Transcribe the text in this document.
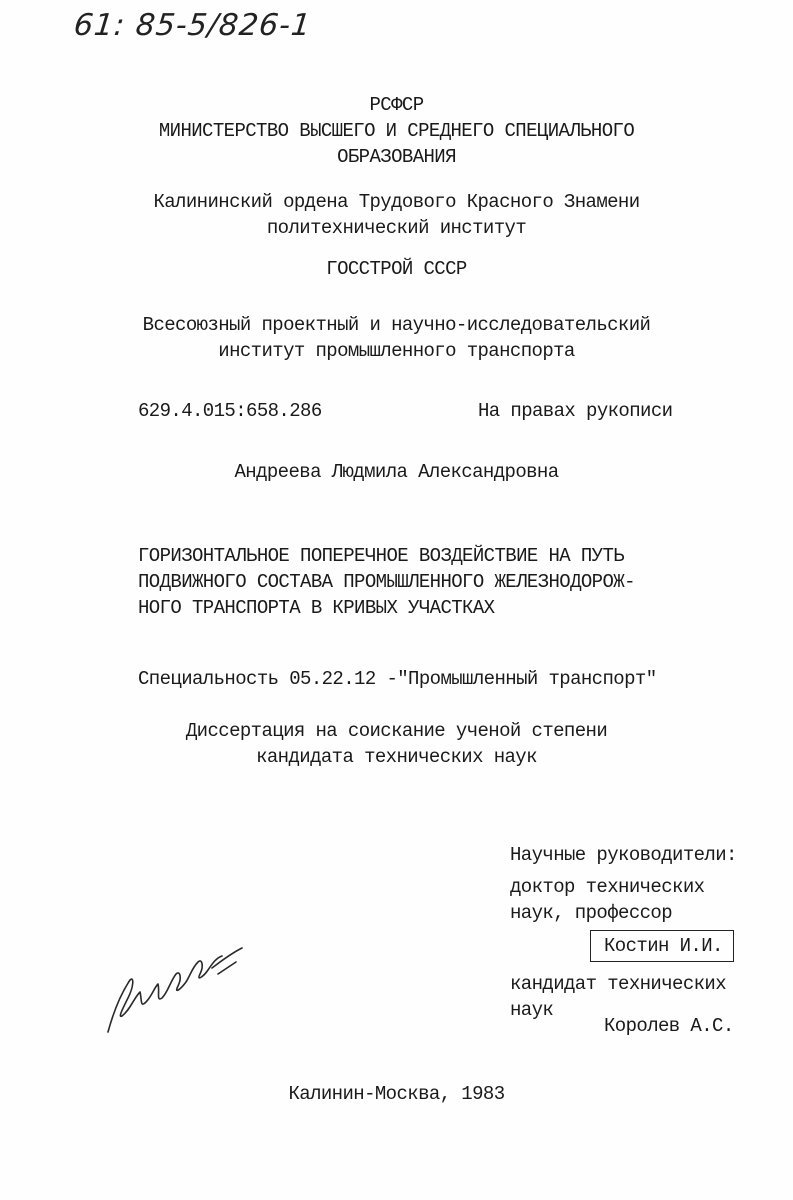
61: 85-5/826-1

РСФСР

МИНИСТЕРСТВО ВЫСШЕГО И СРЕДНЕГО СПЕЦИАЛЬНОГО

ОБРАЗОВАНИЯ

Калининский ордена Трудового Красного Знамени

политехнический институт

ГОССТРОЙ СССР

Всесоюзный проектный и научно-исследовательский

институт промышленного транспорта

629.4.015:658.286	На правах рукописи

Андреева Людмила Александровна

ГОРИЗОНТАЛЬНОЕ ПОПЕРЕЧНОЕ ВОЗДЕЙСТВИЕ НА ПУТЬ

ПОДВИЖНОГО СОСТАВА ПРОМЫШЛЕННОГО ЖЕЛЕЗНОДОРОЖ-

НОГО ТРАНСПОРТА В КРИВЫХ УЧАСТКАХ

Специальность 05.22.12 -"Промышленный транспорт"

Диссертация на соискание ученой степени

кандидата технических наук

Научные руководители:

доктор технических

наук, профессор

Костин И.И.

кандидат технических

наук

Королев А.С.

Калинин-Москва, 1983
